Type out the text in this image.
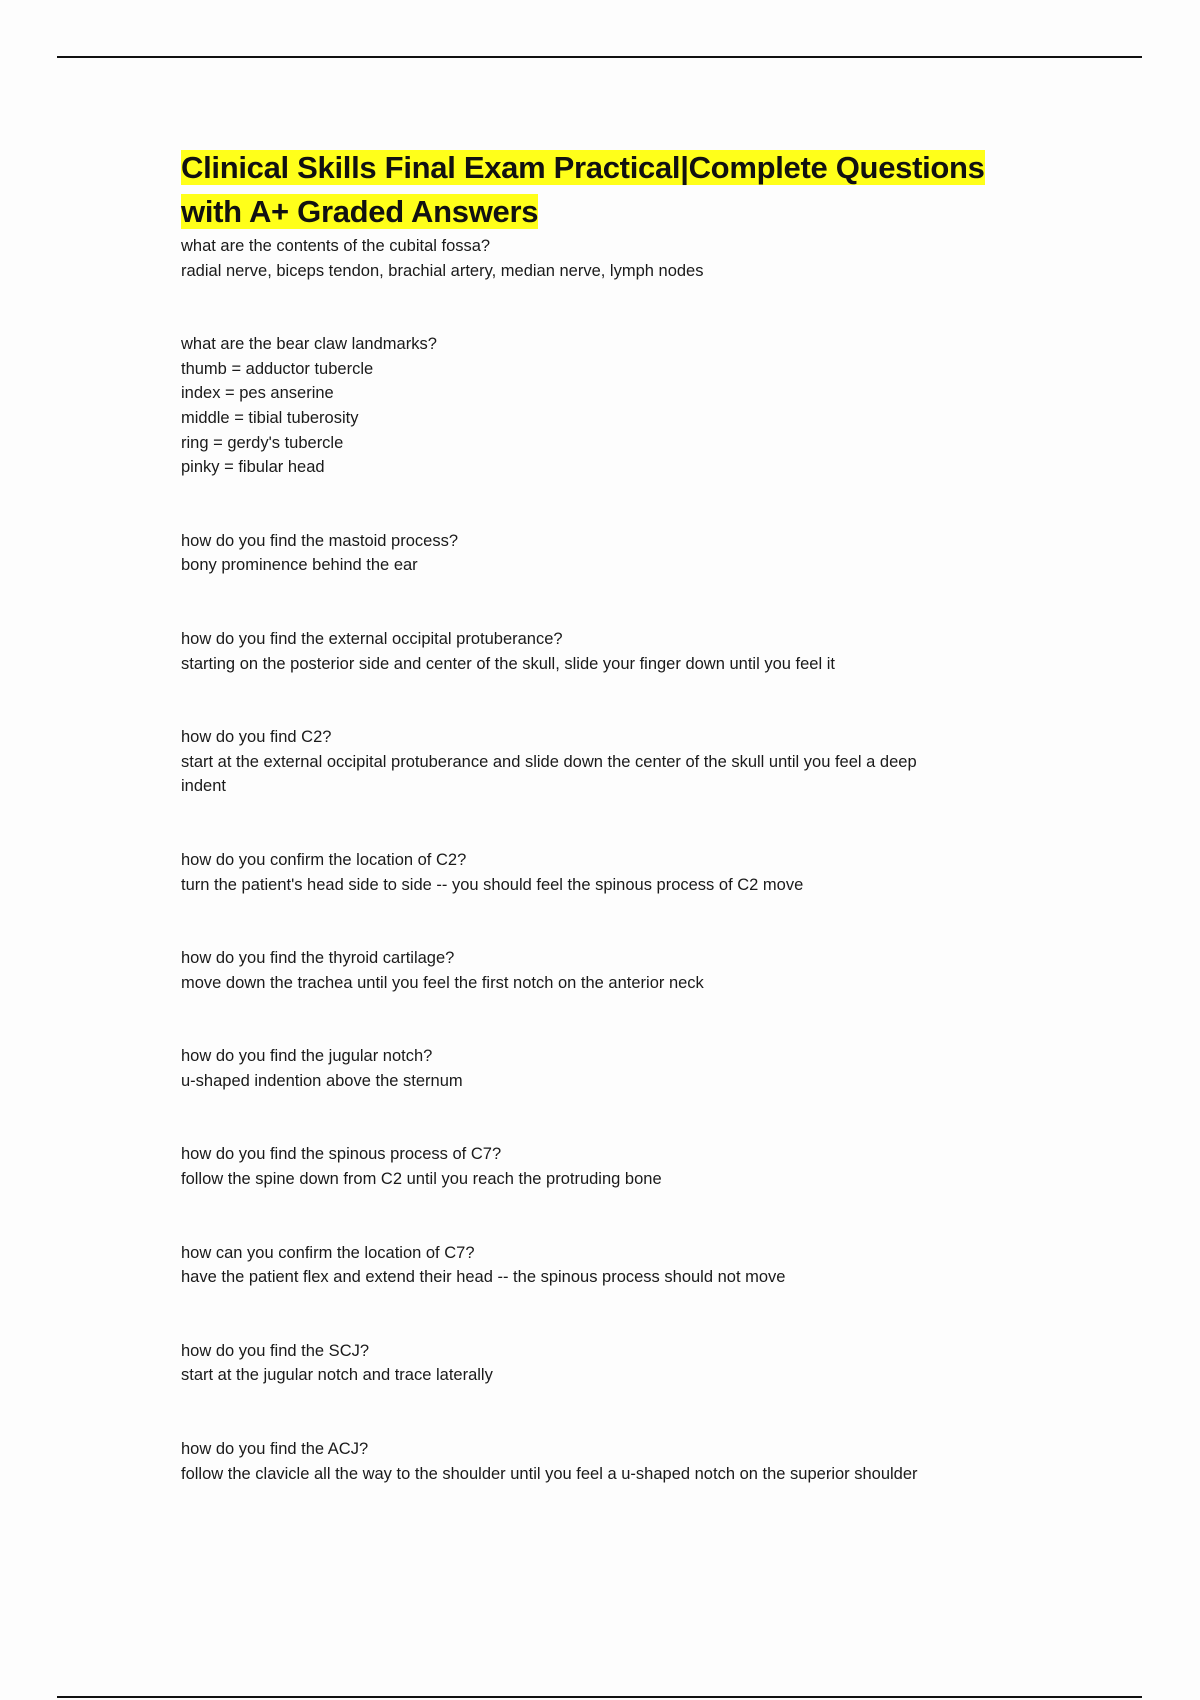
Clinical Skills Final Exam Practical|Complete Questions with A+ Graded Answers
what are the contents of the cubital fossa?
radial nerve, biceps tendon, brachial artery, median nerve, lymph nodes
what are the bear claw landmarks?
thumb = adductor tubercle
index = pes anserine
middle = tibial tuberosity
ring = gerdy's tubercle
pinky = fibular head
how do you find the mastoid process?
bony prominence behind the ear
how do you find the external occipital protuberance?
starting on the posterior side and center of the skull, slide your finger down until you feel it
how do you find C2?
start at the external occipital protuberance and slide down the center of the skull until you feel a deep
indent
how do you confirm the location of C2?
turn the patient's head side to side -- you should feel the spinous process of C2 move
how do you find the thyroid cartilage?
move down the trachea until you feel the first notch on the anterior neck
how do you find the jugular notch?
u-shaped indention above the sternum
how do you find the spinous process of C7?
follow the spine down from C2 until you reach the protruding bone
how can you confirm the location of C7?
have the patient flex and extend their head -- the spinous process should not move
how do you find the SCJ?
start at the jugular notch and trace laterally
how do you find the ACJ?
follow the clavicle all the way to the shoulder until you feel a u-shaped notch on the superior shoulder
